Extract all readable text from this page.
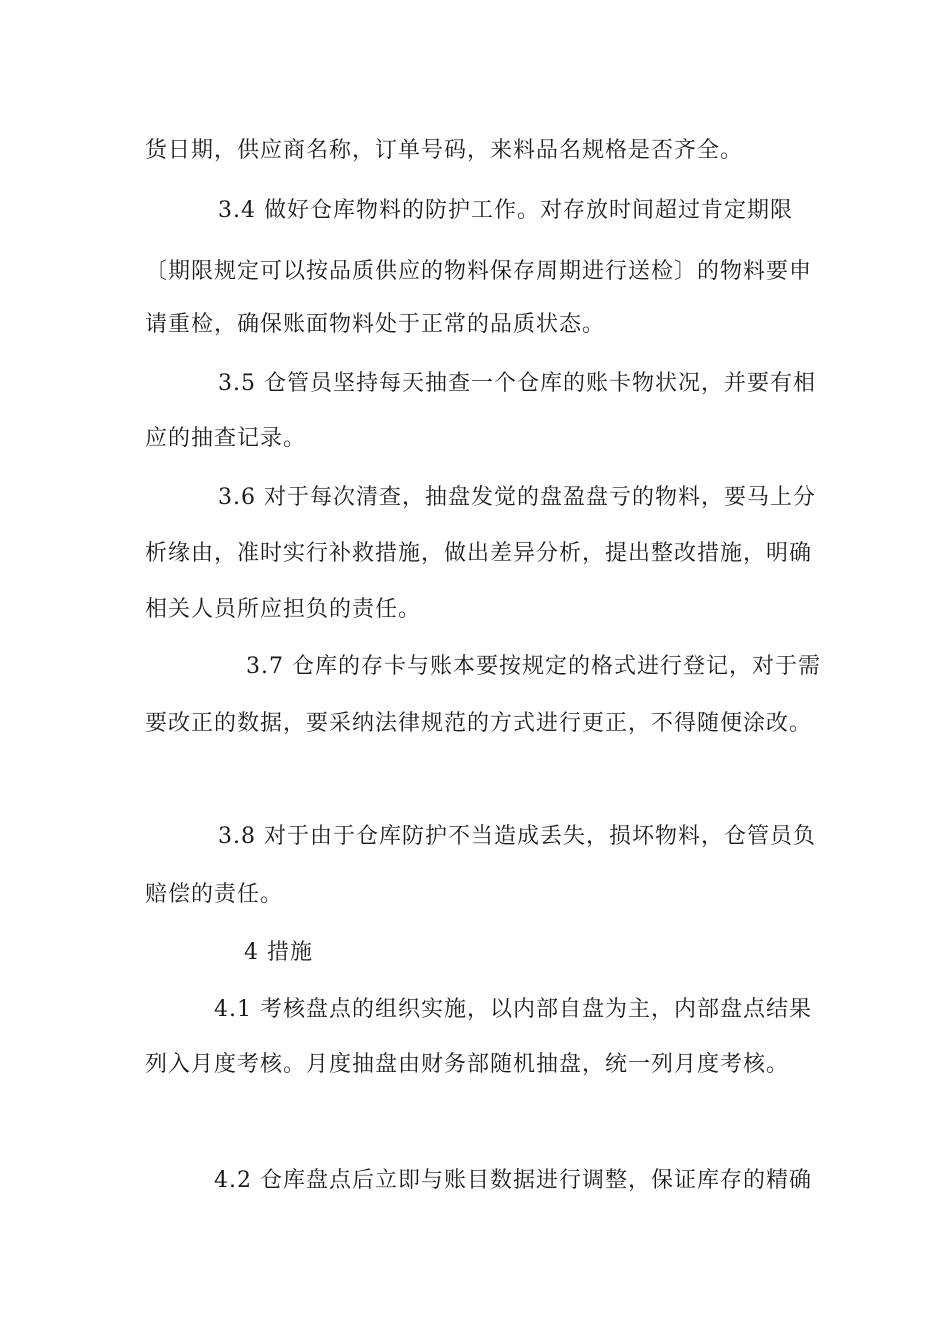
货日期，供应商名称，订单号码，来料品名规格是否齐全。
3.4 做好仓库物料的防护工作。对存放时间超过肯定期限
〔期限规定可以按品质供应的物料保存周期进行送检〕的物料要申
请重检，确保账面物料处于正常的品质状态。
3.5 仓管员坚持每天抽查一个仓库的账卡物状况，并要有相
应的抽查记录。
3.6 对于每次清查，抽盘发觉的盘盈盘亏的物料，要马上分
析缘由，准时实行补救措施，做出差异分析，提出整改措施，明确
相关人员所应担负的责任。
3.7 仓库的存卡与账本要按规定的格式进行登记，对于需
要改正的数据，要采纳法律规范的方式进行更正，不得随便涂改。
3.8 对于由于仓库防护不当造成丢失，损坏物料，仓管员负
赔偿的责任。
4 措施
4.1 考核盘点的组织实施，以内部自盘为主，内部盘点结果
列入月度考核。月度抽盘由财务部随机抽盘，统一列月度考核。
4.2 仓库盘点后立即与账目数据进行调整，保证库存的精确
